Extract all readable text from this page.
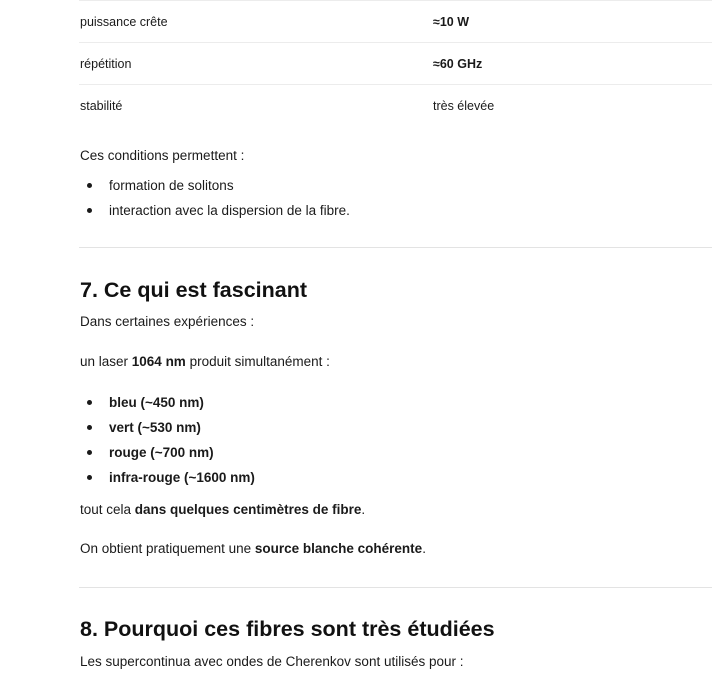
puissance crête	≈10 W
répétition	≈60 GHz
stabilité	très élevée

Ces conditions permettent :

formation de solitons
interaction avec la dispersion de la fibre.
7. Ce qui est fascinant

Dans certaines expériences :

un laser 1064 nm produit simultanément :

bleu (~450 nm)
vert (~530 nm)
rouge (~700 nm)
infra-rouge (~1600 nm)

tout cela dans quelques centimètres de fibre.

On obtient pratiquement une source blanche cohérente.

8. Pourquoi ces fibres sont très étudiées

Les supercontinua avec ondes de Cherenkov sont utilisés pour :
